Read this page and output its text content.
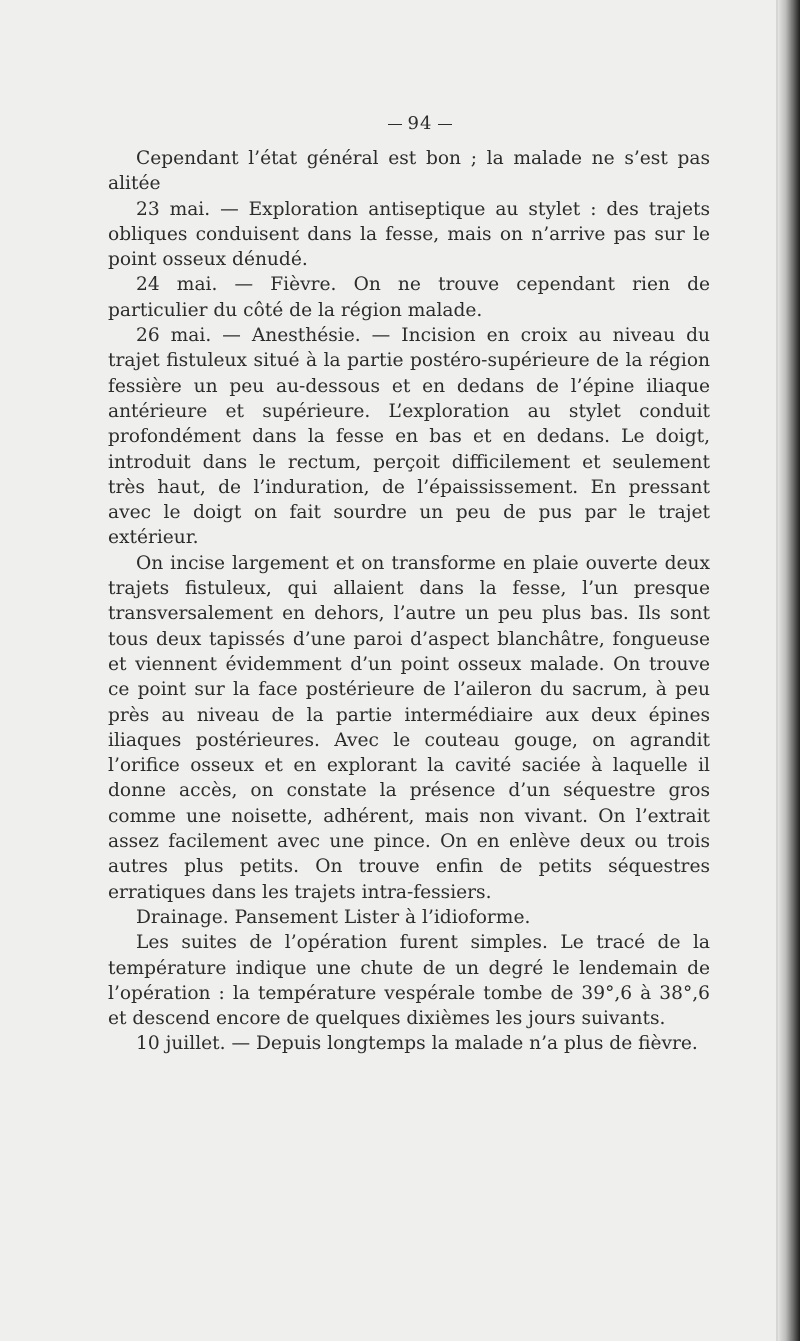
94

Cependant l’état général est bon ; la malade ne s’est pas alitée

23 mai. — Exploration antiseptique au stylet : des trajets obliques conduisent dans la fesse, mais on n’arrive pas sur le point osseux dénudé.

24 mai. — Fièvre. On ne trouve cependant rien de particulier du côté de la région malade.

26 mai. — Anesthésie. — Incision en croix au niveau du trajet fistuleux situé à la partie postéro-supérieure de la région fessière un peu au-dessous et en dedans de l’épine iliaque antérieure et supérieure. L’exploration au stylet conduit profondément dans la fesse en bas et en dedans. Le doigt, introduit dans le rectum, perçoit difficilement et seulement très haut, de l’induration, de l’épaississement. En pressant avec le doigt on fait sourdre un peu de pus par le trajet extérieur.

On incise largement et on transforme en plaie ouverte deux trajets fistuleux, qui allaient dans la fesse, l’un presque transversalement en dehors, l’autre un peu plus bas. Ils sont tous deux tapissés d’une paroi d’aspect blanchâtre, fongueuse et viennent évidemment d’un point osseux malade. On trouve ce point sur la face postérieure de l’aileron du sacrum, à peu près au niveau de la partie intermédiaire aux deux épines iliaques postérieures. Avec le couteau gouge, on agrandit l’orifice osseux et en explorant la cavité saciée à laquelle il donne accès, on constate la présence d’un séquestre gros comme une noisette, adhérent, mais non vivant. On l’extrait assez facilement avec une pince. On en enlève deux ou trois autres plus petits. On trouve enfin de petits séquestres erratiques dans les trajets intra-fessiers.

Drainage. Pansement Lister à l’idioforme.

Les suites de l’opération furent simples. Le tracé de la température indique une chute de un degré le lendemain de l’opération : la température vespérale tombe de 39°,6 à 38°,6 et descend encore de quelques dixièmes les jours suivants.

10 juillet. — Depuis longtemps la malade n’a plus de fièvre.
